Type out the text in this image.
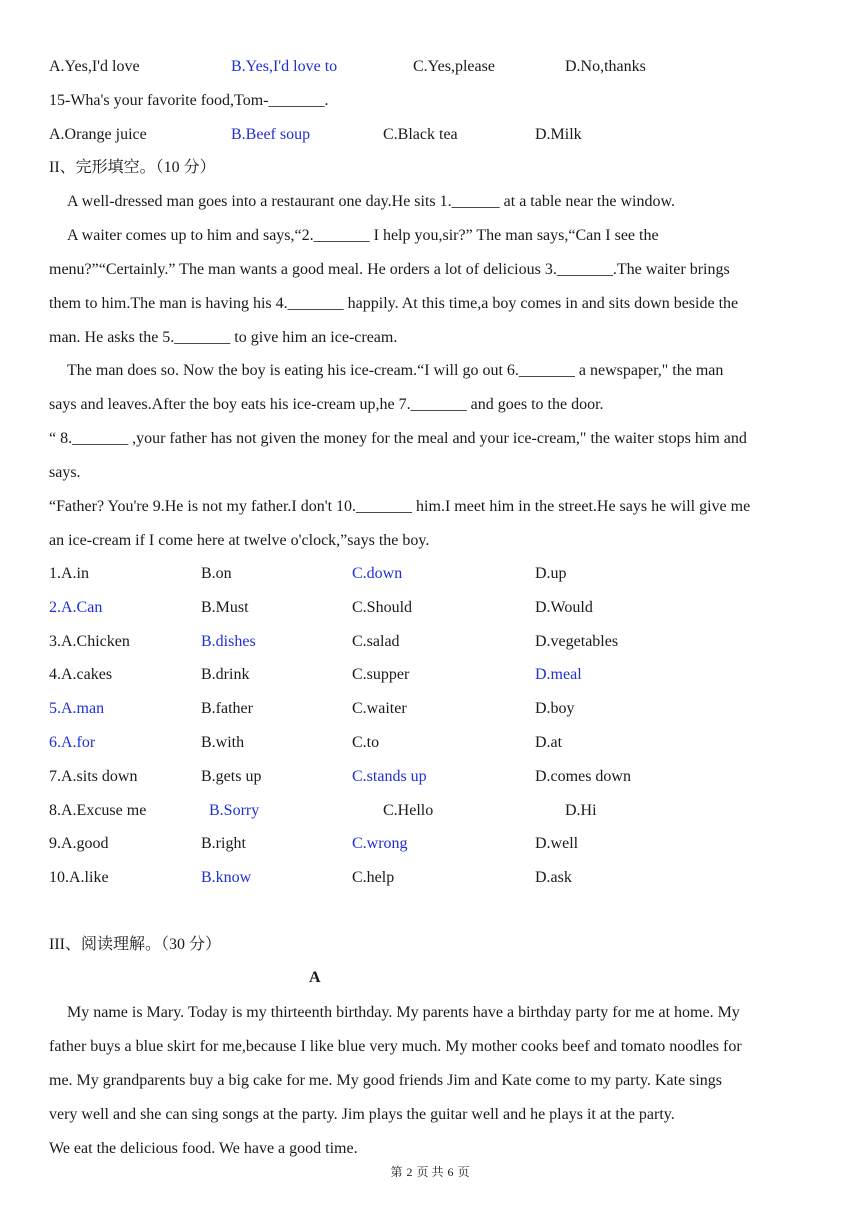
A.Yes,I'd love	B.Yes,I'd love to	C.Yes,please	D.No,thanks
15-Wha's your favorite food,Tom-_______.
A.Orange juice	B.Beef soup	C.Black tea	D.Milk
II、完形填空。（10 分）
A well-dressed man goes into a restaurant one day.He sits 1.______ at a table near the window.
A waiter comes up to him and says,“2._______ I help you,sir?” The man says,“Can I see the
menu?”“Certainly.” The man wants a good meal. He orders a lot of delicious 3._______.The waiter brings
them to him.The man is having his 4._______ happily. At this time,a boy comes in and sits down beside the
man. He asks the 5._______ to give him an ice-cream.
The man does so. Now the boy is eating his ice-cream.“I will go out 6._______ a newspaper," the man
says and leaves.After the boy eats his ice-cream up,he 7._______ and goes to the door.
“ 8._______ ,your father has not given the money for the meal and your ice-cream," the waiter stops him and
says.
“Father? You're 9.He is not my father.I don't 10._______ him.I meet him in the street.He says he will give me
an ice-cream if I come here at twelve o'clock,”says the boy.
1.A.in	B.on	C.down	D.up
2.A.Can	B.Must	C.Should	D.Would
3.A.Chicken	B.dishes	C.salad	D.vegetables
4.A.cakes	B.drink	C.supper	D.meal
5.A.man	B.father	C.waiter	D.boy
6.A.for	B.with	C.to	D.at
7.A.sits down	B.gets up	C.stands up	D.comes down
8.A.Excuse me	B.Sorry	C.Hello	D.Hi
9.A.good	B.right	C.wrong	D.well
10.A.like	B.know	C.help	D.ask
III、阅读理解。（30 分）
A
My name is Mary. Today is my thirteenth birthday. My parents have a birthday party for me at home. My
father buys a blue skirt for me,because I like blue very much. My mother cooks beef and tomato noodles for
me. My grandparents buy a big cake for me. My good friends Jim and Kate come to my party. Kate sings
very well and she can sing songs at the party. Jim plays the guitar well and he plays it at the party.
We eat the delicious food. We have a good time.
第 2 页 共 6 页
